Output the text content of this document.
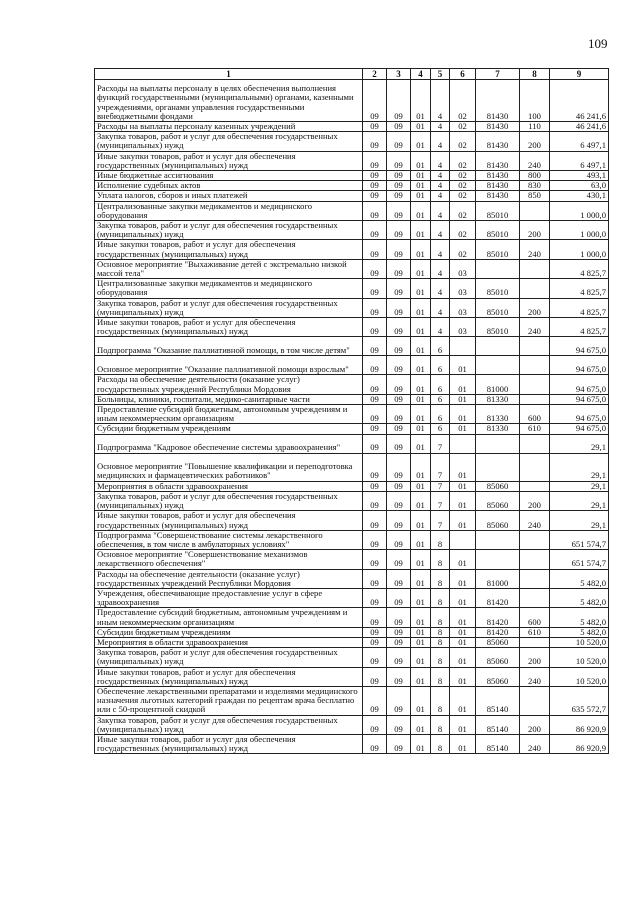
109
1	2	3	4	5	6	7	8	9
Расходы на выплаты персоналу в целях обеспечения выполнения функций государственными (муниципальными) органами, казенными учреждениями, органами управления государственными внебюджетными фондами	09	09	01	4	02	81430	100	46 241,6
Расходы на выплаты персоналу казенных учреждений	09	09	01	4	02	81430	110	46 241,6
Закупка товаров, работ и услуг для обеспечения государственных (муниципальных) нужд	09	09	01	4	02	81430	200	6 497,1
Иные закупки товаров, работ и услуг для обеспечения государственных (муниципальных) нужд	09	09	01	4	02	81430	240	6 497,1
Иные бюджетные ассигнования	09	09	01	4	02	81430	800	493,1
Исполнение судебных актов	09	09	01	4	02	81430	830	63,0
Уплата налогов, сборов и иных платежей	09	09	01	4	02	81430	850	430,1
Централизованные закупки медикаментов и медицинского оборудования	09	09	01	4	02	85010		1 000,0
Закупка товаров, работ и услуг для обеспечения государственных (муниципальных) нужд	09	09	01	4	02	85010	200	1 000,0
Иные закупки товаров, работ и услуг для обеспечения государственных (муниципальных) нужд	09	09	01	4	02	85010	240	1 000,0
Основное мероприятие "Выхаживание детей с экстремально низкой массой тела"	09	09	01	4	03			4 825,7
Централизованные закупки медикаментов и медицинского оборудования	09	09	01	4	03	85010		4 825,7
Закупка товаров, работ и услуг для обеспечения государственных (муниципальных) нужд	09	09	01	4	03	85010	200	4 825,7
Иные закупки товаров, работ и услуг для обеспечения государственных (муниципальных) нужд	09	09	01	4	03	85010	240	4 825,7
Подпрограмма "Оказание паллиативной помощи, в том числе детям"	09	09	01	6				94 675,0
Основное мероприятие "Оказание паллиативной помощи взрослым"	09	09	01	6	01			94 675,0
Расходы на обеспечение деятельности (оказание услуг) государственных учреждений Республики Мордовия	09	09	01	6	01	81000		94 675,0
Больницы, клиники, госпитали, медико-санитарные части	09	09	01	6	01	81330		94 675,0
Предоставление субсидий бюджетным, автономным учреждениям и иным некоммерческим организациям	09	09	01	6	01	81330	600	94 675,0
Субсидии бюджетным учреждениям	09	09	01	6	01	81330	610	94 675,0
Подпрограмма "Кадровое обеспечение системы здравоохранения"	09	09	01	7				29,1
Основное мероприятие "Повышение квалификации и переподготовка медицинских и фармацевтических работников"	09	09	01	7	01			29,1
Мероприятия в области здравоохранения	09	09	01	7	01	85060		29,1
Закупка товаров, работ и услуг для обеспечения государственных (муниципальных) нужд	09	09	01	7	01	85060	200	29,1
Иные закупки товаров, работ и услуг для обеспечения государственных (муниципальных) нужд	09	09	01	7	01	85060	240	29,1
Подпрограмма "Совершенствование системы лекарственного обеспечения, в том числе в амбулаторных условиях"	09	09	01	8				651 574,7
Основное мероприятие "Совершенствование механизмов лекарственного обеспечения"	09	09	01	8	01			651 574,7
Расходы на обеспечение деятельности (оказание услуг) государственных учреждений Республики Мордовия	09	09	01	8	01	81000		5 482,0
Учреждения, обеспечивающие предоставление услуг в сфере здравоохранения	09	09	01	8	01	81420		5 482,0
Предоставление субсидий бюджетным, автономным учреждениям и иным некоммерческим организациям	09	09	01	8	01	81420	600	5 482,0
Субсидии бюджетным учреждениям	09	09	01	8	01	81420	610	5 482,0
Мероприятия в области здравоохранения	09	09	01	8	01	85060		10 520,0
Закупка товаров, работ и услуг для обеспечения государственных (муниципальных) нужд	09	09	01	8	01	85060	200	10 520,0
Иные закупки товаров, работ и услуг для обеспечения государственных (муниципальных) нужд	09	09	01	8	01	85060	240	10 520,0
Обеспечение лекарственными препаратами и изделиями медицинского назначения льготных категорий граждан по рецептам врача бесплатно или с 50-процентной скидкой	09	09	01	8	01	85140		635 572,7
Закупка товаров, работ и услуг для обеспечения государственных (муниципальных) нужд	09	09	01	8	01	85140	200	86 920,9
Иные закупки товаров, работ и услуг для обеспечения государственных (муниципальных) нужд	09	09	01	8	01	85140	240	86 920,9
